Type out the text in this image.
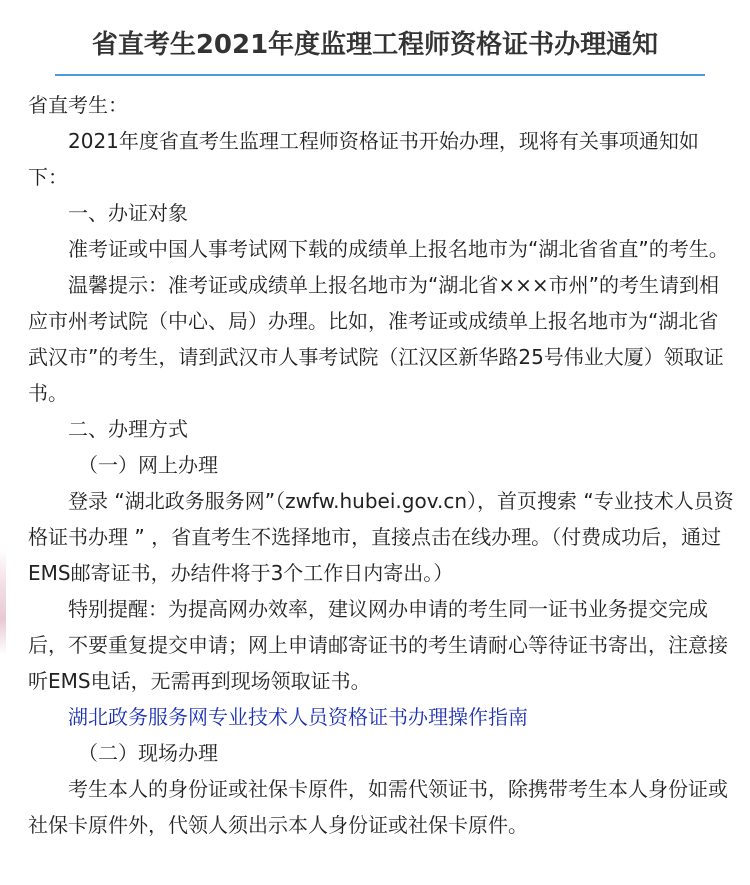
省直考生2021年度监理工程师资格证书办理通知

省直考生：

2021年度省直考生监理工程师资格证书开始办理，现将有关事项通知如下：

一、办证对象

准考证或中国人事考试网下载的成绩单上报名地市为“湖北省省直”的考生。

温馨提示：准考证或成绩单上报名地市为“湖北省×××市州”的考生请到相应市州考试院（中心、局）办理。比如，准考证或成绩单上报名地市为“湖北省武汉市”的考生，请到武汉市人事考试院（江汉区新华路25号伟业大厦）领取证书。

二、办理方式

（一）网上办理

登录 “湖北政务服务网”（zwfw.hubei.gov.cn），首页搜索 “专业技术人员资格证书办理 ” ，省直考生不选择地市，直接点击在线办理。（付费成功后，通过EMS邮寄证书，办结件将于3个工作日内寄出。）

特别提醒：为提高网办效率，建议网办申请的考生同一证书业务提交完成后，不要重复提交申请；网上申请邮寄证书的考生请耐心等待证书寄出，注意接听EMS电话，无需再到现场领取证书。

湖北政务服务网专业技术人员资格证书办理操作指南

（二）现场办理

考生本人的身份证或社保卡原件，如需代领证书，除携带考生本人身份证或社保卡原件外，代领人须出示本人身份证或社保卡原件。
